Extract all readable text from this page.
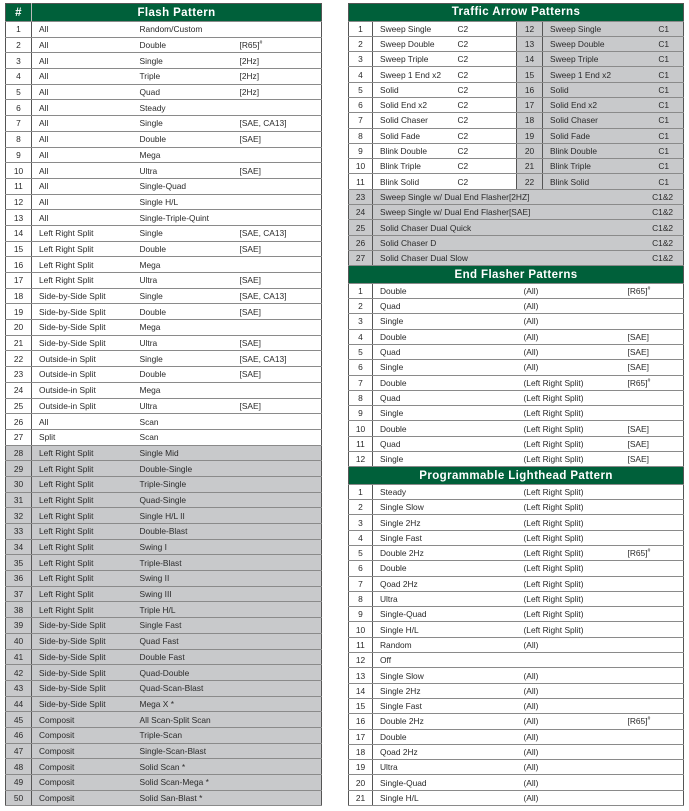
#	Flash Pattern		
1	All	Random/Custom	
2	All	Double	[R65]#
3	All	Single	[2Hz]
4	All	Triple	[2Hz]
5	All	Quad	[2Hz]
6	All	Steady	
7	All	Single	[SAE, CA13]
8	All	Double	[SAE]
9	All	Mega	
10	All	Ultra	[SAE]
11	All	Single-Quad	
12	All	Single H/L	
13	All	Single-Triple-Quint	
14	Left Right Split	Single	[SAE, CA13]
15	Left Right Split	Double	[SAE]
16	Left Right Split	Mega	
17	Left Right Split	Ultra	[SAE]
18	Side-by-Side Split	Single	[SAE, CA13]
19	Side-by-Side Split	Double	[SAE]
20	Side-by-Side Split	Mega	
21	Side-by-Side Split	Ultra	[SAE]
22	Outside-in Split	Single	[SAE, CA13]
23	Outside-in Split	Double	[SAE]
24	Outside-in Split	Mega	
25	Outside-in Split	Ultra	[SAE]
26	All	Scan	
27	Split	Scan	
28	Left Right Split	Single Mid	
29	Left Right Split	Double-Single	
30	Left Right Split	Triple-Single	
31	Left Right Split	Quad-Single	
32	Left Right Split	Single H/L II	
33	Left Right Split	Double-Blast	
34	Left Right Split	Swing I	
35	Left Right Split	Triple-Blast	
36	Left Right Split	Swing II	
37	Left Right Split	Swing III	
38	Left Right Split	Triple H/L	
39	Side-by-Side Split	Single Fast	
40	Side-by-Side Split	Quad Fast	
41	Side-by-Side Split	Double Fast	
42	Side-by-Side Split	Quad-Double	
43	Side-by-Side Split	Quad-Scan-Blast	
44	Side-by-Side Split	Mega X *	
45	Composit	All Scan-Split Scan	
46	Composit	Triple-Scan	
47	Composit	Single-Scan-Blast	
48	Composit	Solid Scan *	
49	Composit	Solid Scan-Mega *	
50	Composit	Solid San-Blast *	
Traffic Arrow Patterns					
1	Sweep Single	C2	12	Sweep Single	C1
2	Sweep Double	C2	13	Sweep Double	C1
3	Sweep Triple	C2	14	Sweep Triple	C1
4	Sweep 1 End x2	C2	15	Sweep 1 End x2	C1
5	Solid	C2	16	Solid	C1
6	Solid End x2	C2	17	Solid End x2	C1
7	Solid Chaser	C2	18	Solid Chaser	C1
8	Solid Fade	C2	19	Solid Fade	C1
9	Blink Double	C2	20	Blink Double	C1
10	Blink Triple	C2	21	Blink Triple	C1
11	Blink Solid	C2	22	Blink Solid	C1
23	Sweep Single w/ Dual End Flasher[2HZ]				C1&2
24	Sweep Single w/ Dual End Flasher[SAE]				C1&2
25	Solid Chaser Dual Quick				C1&2
26	Solid Chaser D				C1&2
27	Solid Chaser Dual Slow				C1&2
End Flasher Patterns					
1	Double		(All)		[R65]#
2	Quad		(All)		
3	Single		(All)		
4	Double		(All)		[SAE]
5	Quad		(All)		[SAE]
6	Single		(All)		[SAE]
7	Double		(Left Right Split)		[R65]#
8	Quad		(Left Right Split)		
9	Single		(Left Right Split)		
10	Double		(Left Right Split)		[SAE]
11	Quad		(Left Right Split)		[SAE]
12	Single		(Left Right Split)		[SAE]
Programmable Lighthead Pattern					
1	Steady		(Left Right Split)		
2	Single Slow		(Left Right Split)		
3	Single 2Hz		(Left Right Split)		
4	Single Fast		(Left Right Split)		
5	Double 2Hz		(Left Right Split)		[R65]#
6	Double		(Left Right Split)		
7	Qoad 2Hz		(Left Right Split)		
8	Ultra		(Left Right Split)		
9	Single-Quad		(Left Right Split)		
10	Single H/L		(Left Right Split)		
11	Random		(All)		
12	Off				
13	Single Slow		(All)		
14	Single 2Hz		(All)		
15	Single Fast		(All)		
16	Double 2Hz		(All)		[R65]#
17	Double		(All)		
18	Qoad 2Hz		(All)		
19	Ultra		(All)		
20	Single-Quad		(All)		
21	Single H/L		(All)		
